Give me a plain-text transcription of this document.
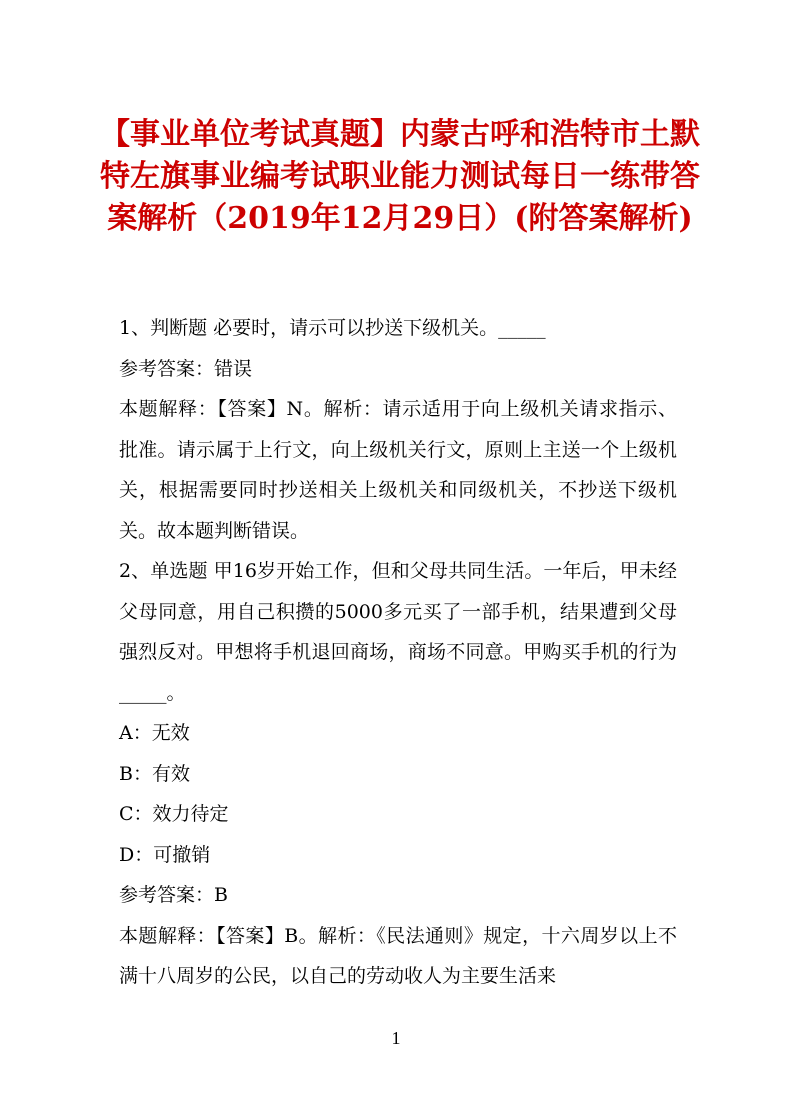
【事业单位考试真题】内蒙古呼和浩特市土默特左旗事业编考试职业能力测试每日一练带答案解析（2019年12月29日）(附答案解析)

1、判断题 必要时，请示可以抄送下级机关。_____

参考答案：错误

本题解释：【答案】N。解析：请示适用于向上级机关请求指示、批准。请示属于上行文，向上级机关行文，原则上主送一个上级机关，根据需要同时抄送相关上级机关和同级机关，不抄送下级机关。故本题判断错误。

2、单选题 甲16岁开始工作，但和父母共同生活。一年后，甲未经父母同意，用自己积攒的5000多元买了一部手机，结果遭到父母强烈反对。甲想将手机退回商场，商场不同意。甲购买手机的行为_____。

A：无效

B：有效

C：效力待定

D：可撤销

参考答案：B

本题解释：【答案】B。解析：《民法通则》规定，十六周岁以上不满十八周岁的公民，以自己的劳动收人为主要生活来

1
